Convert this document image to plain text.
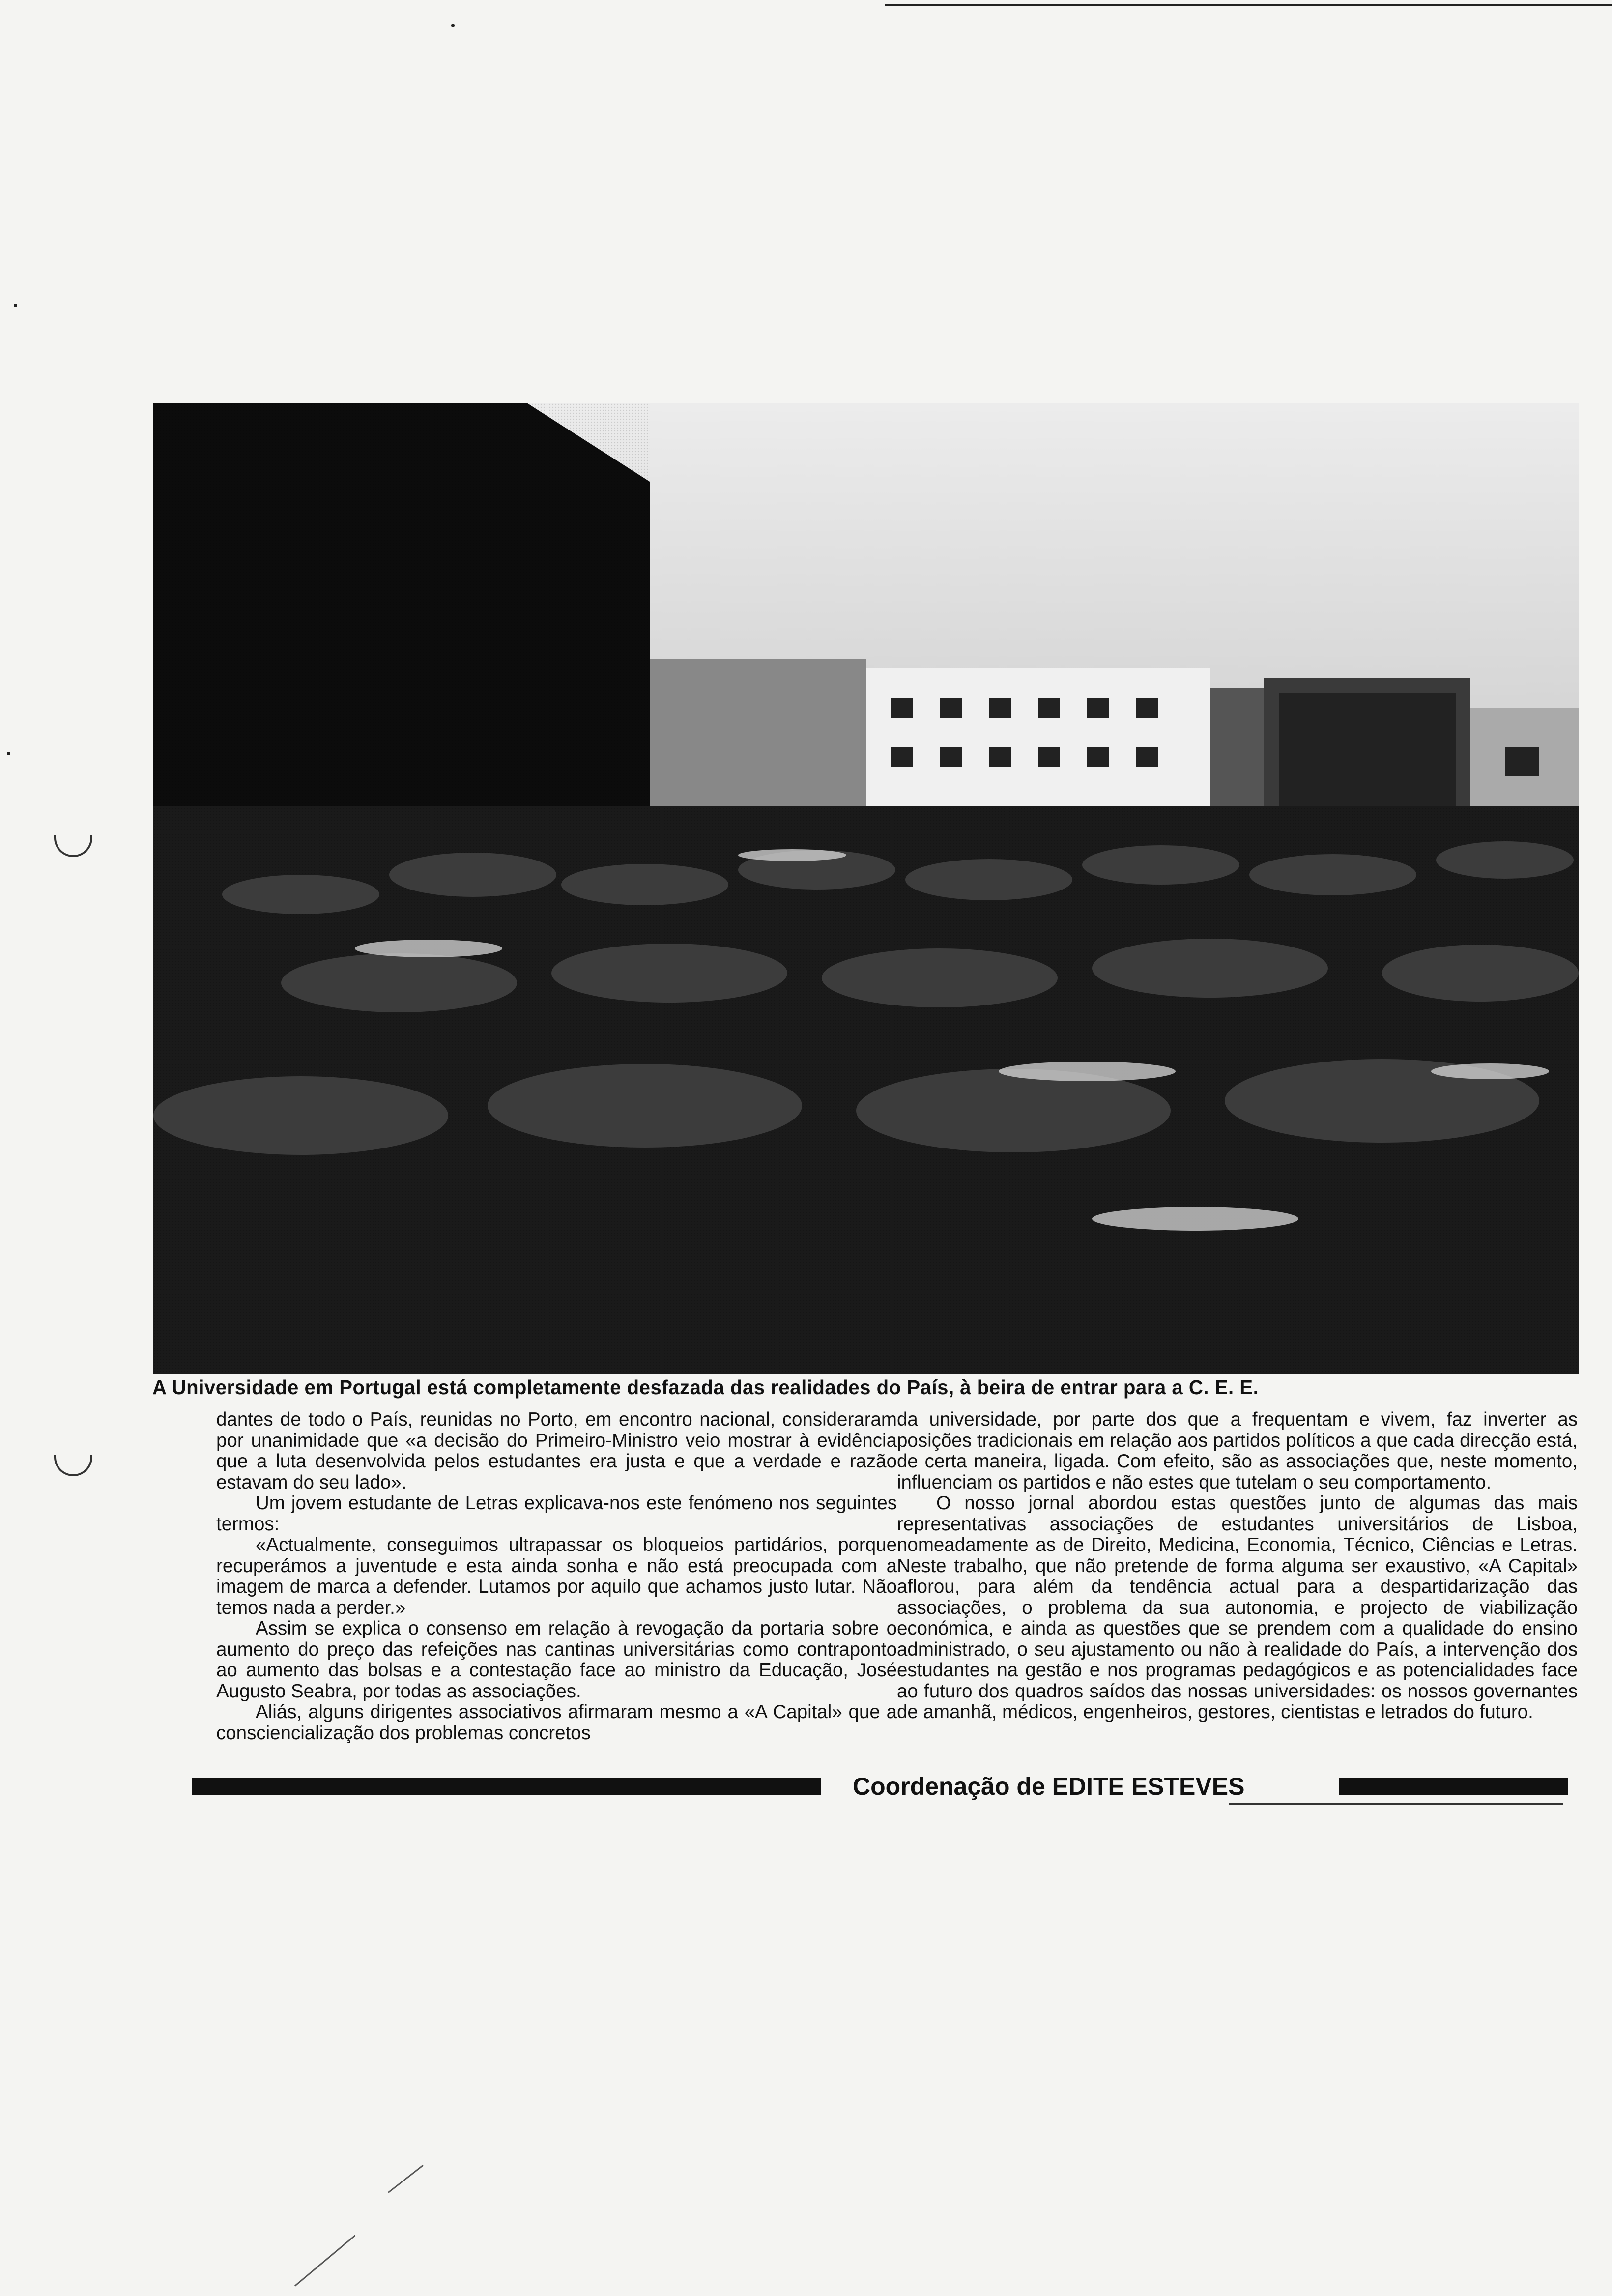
A Universidade em Portugal está completamente desfazada das realidades do País, à beira de entrar para a C. E. E.

dantes de todo o País, reunidas no Porto, em encontro nacional, consideraram por unanimidade que «a decisão do Primeiro-Ministro veio mostrar à evidência que a luta desenvolvida pelos estudantes era justa e que a verdade e razão estavam do seu lado».

Um jovem estudante de Letras explicava-nos este fenómeno nos seguintes termos:

«Actualmente, conseguimos ultrapassar os bloqueios partidários, porque recuperámos a juventude e esta ainda sonha e não está preocupada com a imagem de marca a defender. Lutamos por aquilo que achamos justo lutar. Não temos nada a perder.»

Assim se explica o consenso em relação à revogação da portaria sobre o aumento do preço das refeições nas cantinas universitárias como contraponto ao aumento das bolsas e a contestação face ao ministro da Educação, José Augusto Seabra, por todas as associações.

Aliás, alguns dirigentes associativos afirmaram mesmo a «A Capital» que a consciencialização dos problemas concretos

da universidade, por parte dos que a frequentam e vivem, faz inverter as posições tradicionais em relação aos partidos políticos a que cada direcção está, de certa maneira, ligada. Com efeito, são as associações que, neste momento, influenciam os partidos e não estes que tutelam o seu comportamento.

O nosso jornal abordou estas questões junto de algumas das mais representativas associações de estudantes universitários de Lisboa, nomeadamente as de Direito, Medicina, Economia, Técnico, Ciências e Letras. Neste trabalho, que não pretende de forma alguma ser exaustivo, «A Capital» aflorou, para além da tendência actual para a despartidarização das associações, o problema da sua autonomia, e projecto de viabilização económica, e ainda as questões que se prendem com a qualidade do ensino administrado, o seu ajustamento ou não à realidade do País, a intervenção dos estudantes na gestão e nos programas pedagógicos e as potencialidades face ao futuro dos quadros saídos das nossas universidades: os nossos governantes de amanhã, médicos, engenheiros, gestores, cientistas e letrados do futuro.

Coordenação de EDITE ESTEVES
